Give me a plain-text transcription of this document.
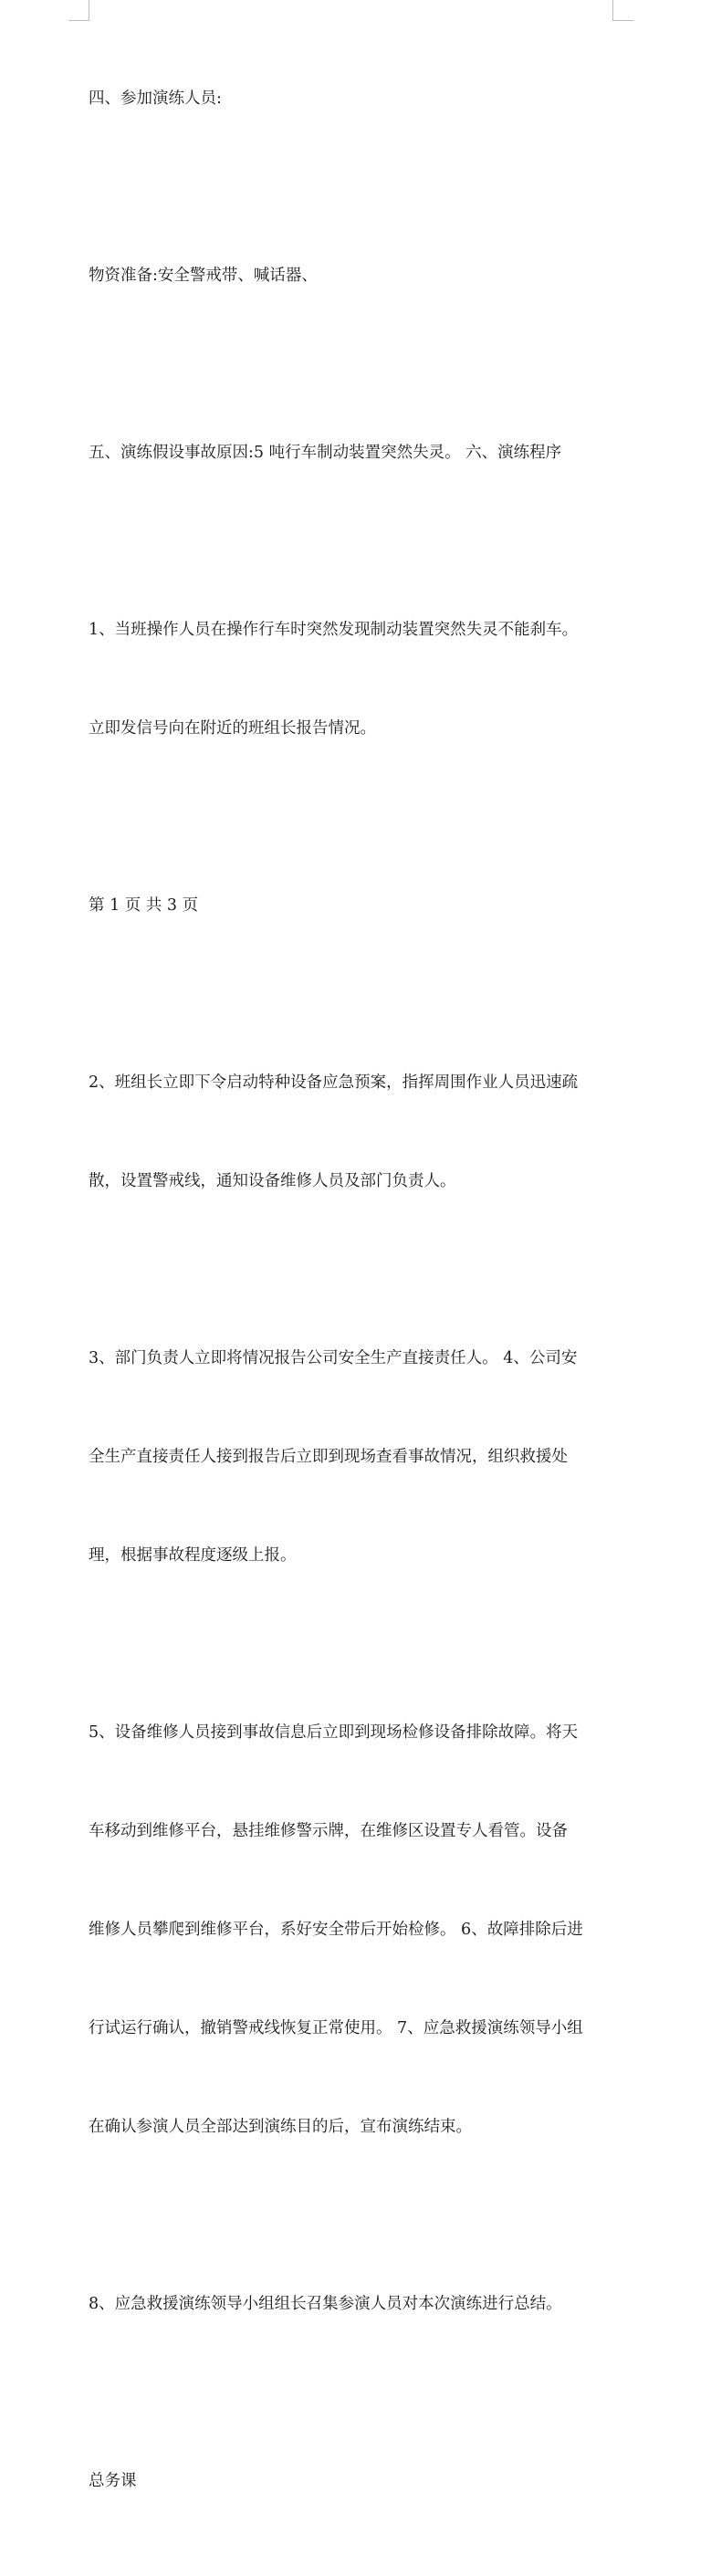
四、参加演练人员:

物资准备:安全警戒带、喊话器、

五、演练假设事故原因:5 吨行车制动装置突然失灵。 六、演练程序

1、当班操作人员在操作行车时突然发现制动装置突然失灵不能刹车。

立即发信号向在附近的班组长报告情况。

第 1 页 共 3 页

2、班组长立即下令启动特种设备应急预案，指挥周围作业人员迅速疏

散，设置警戒线，通知设备维修人员及部门负责人。

3、部门负责人立即将情况报告公司安全生产直接责任人。 4、公司安

全生产直接责任人接到报告后立即到现场查看事故情况，组织救援处

理，根据事故程度逐级上报。

5、设备维修人员接到事故信息后立即到现场检修设备排除故障。将天

车移动到维修平台，悬挂维修警示牌，在维修区设置专人看管。设备

维修人员攀爬到维修平台，系好安全带后开始检修。 6、故障排除后进

行试运行确认，撤销警戒线恢复正常使用。 7、应急救援演练领导小组

在确认参演人员全部达到演练目的后，宣布演练结束。

8、应急救援演练领导小组组长召集参演人员对本次演练进行总结。

总务课
